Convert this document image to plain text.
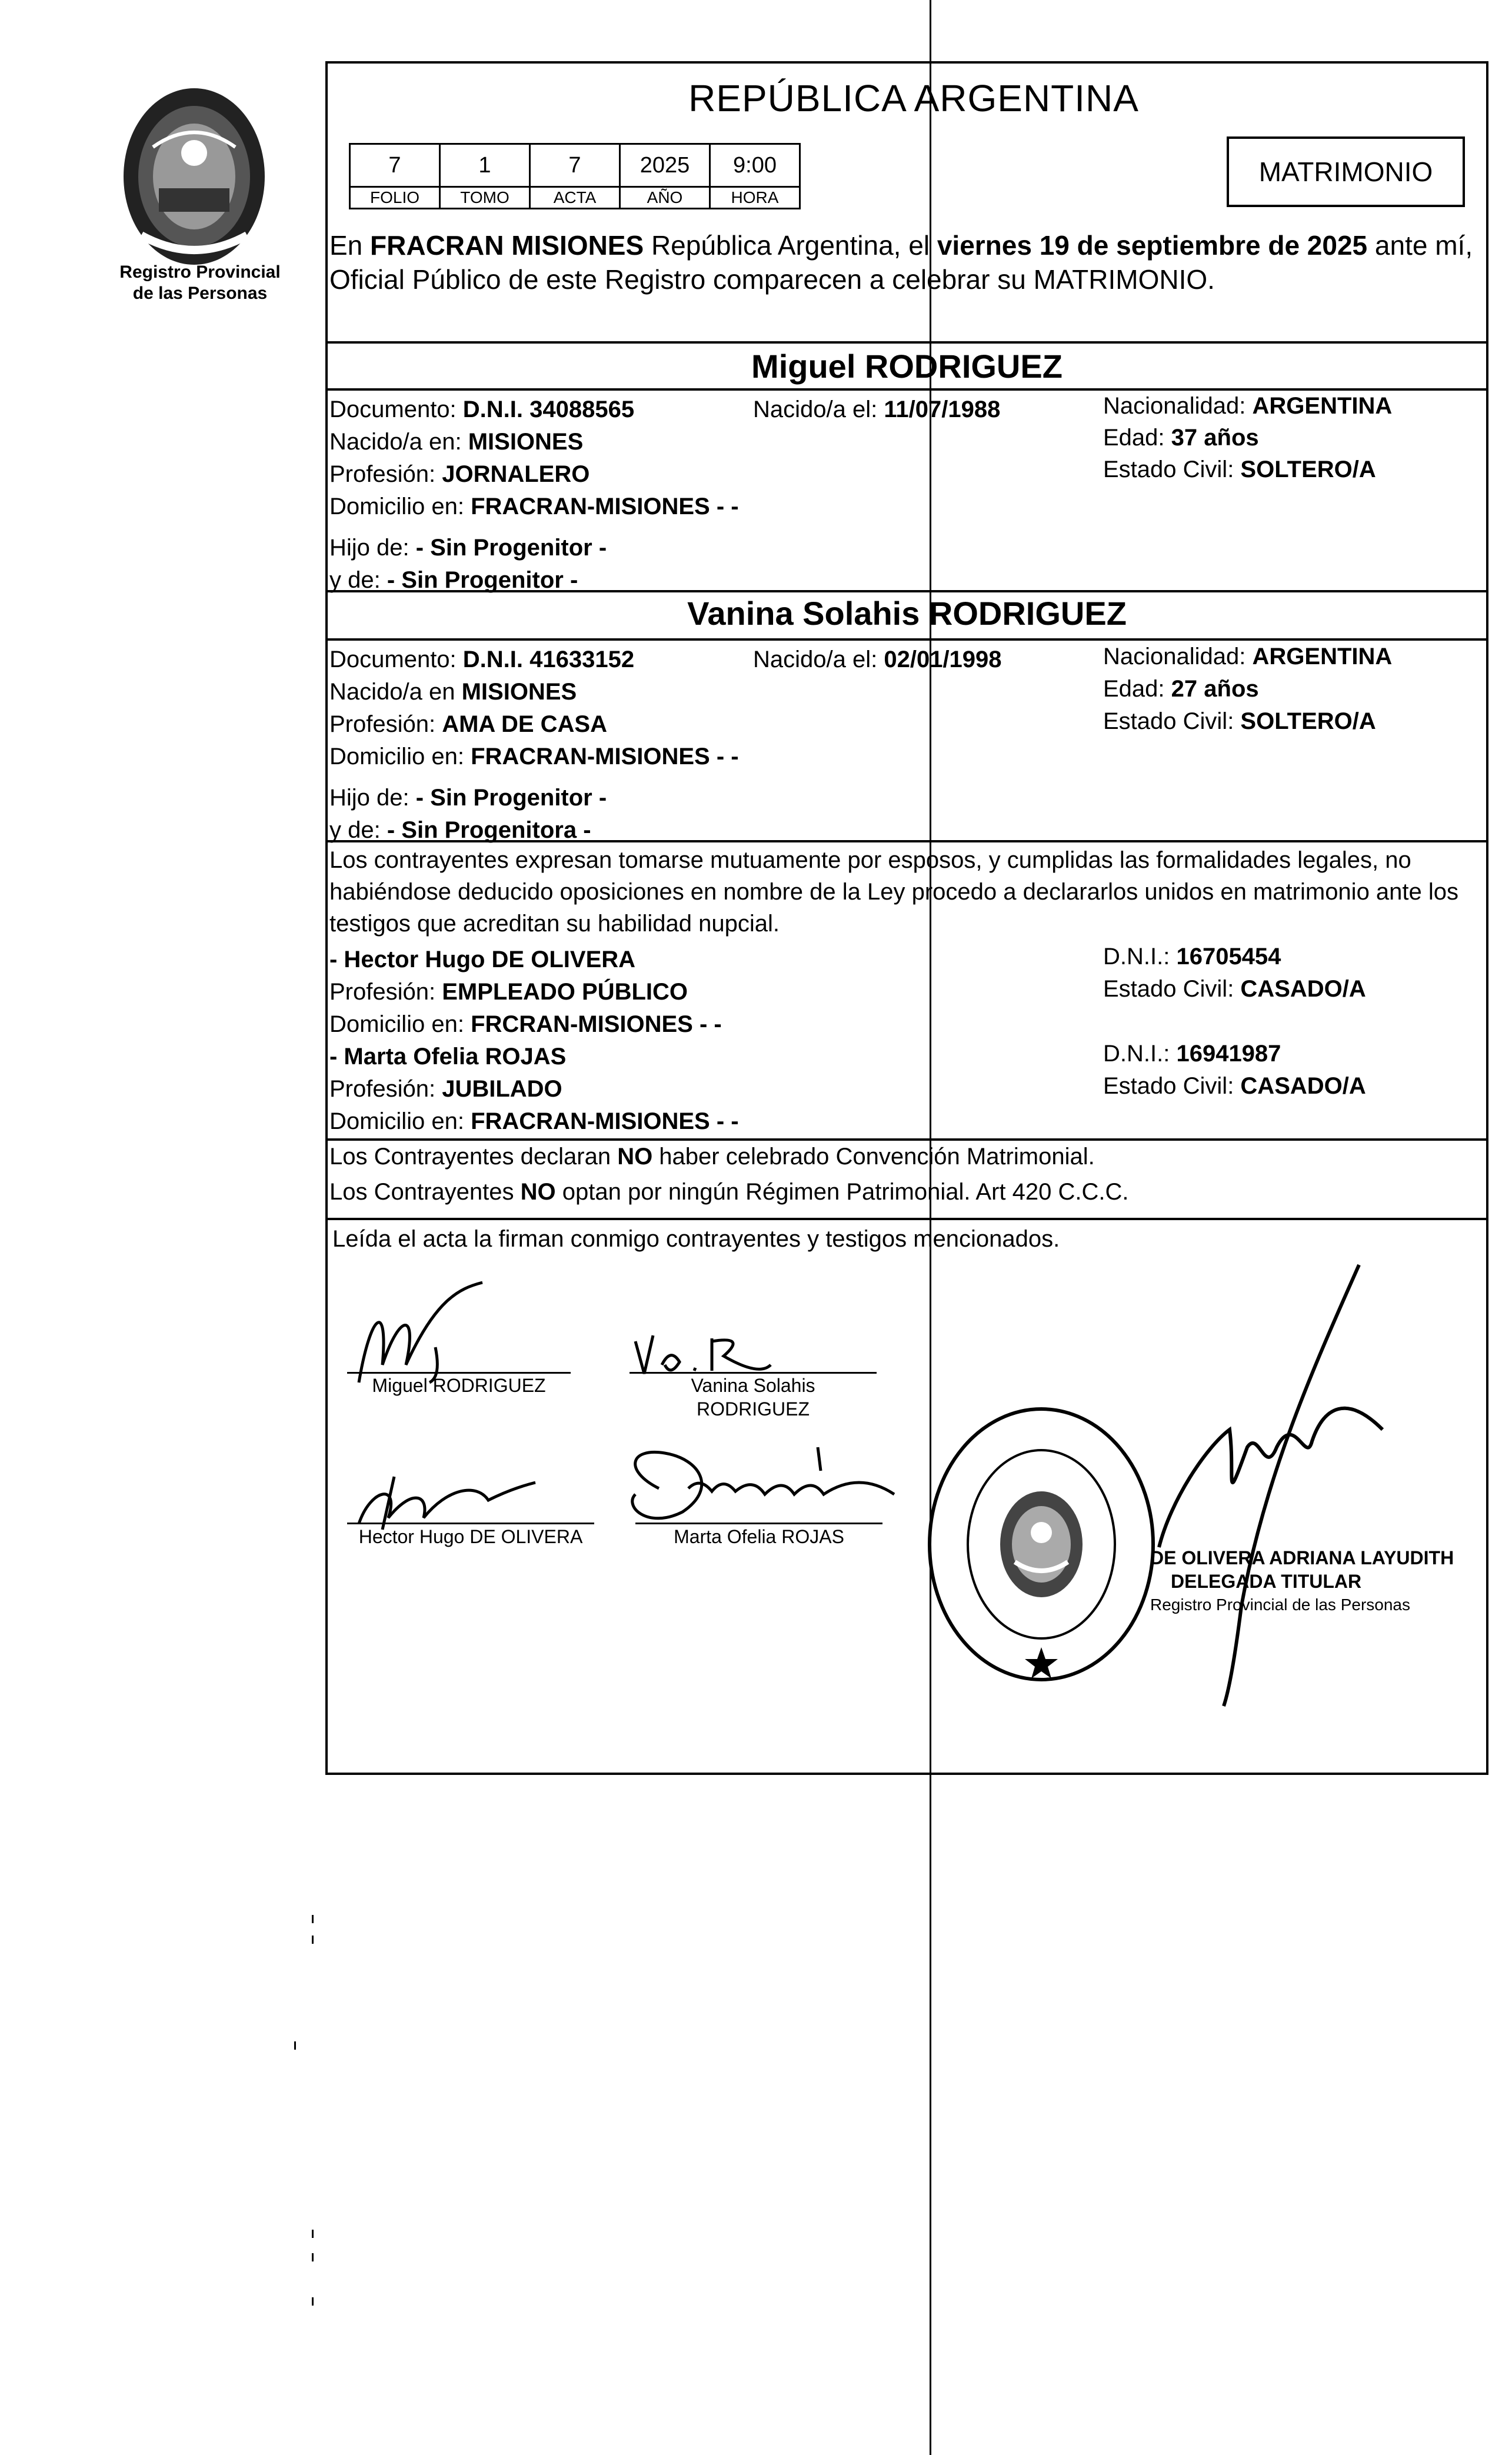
Registro Provincial
de las Personas
REPÚBLICA ARGENTINA
7	1	7	2025	9:00
FOLIO	TOMO	ACTA	AÑO	HORA
MATRIMONIO
En FRACRAN MISIONES República Argentina, el viernes 19 de septiembre de 2025 ante mí, Oficial Público de este Registro comparecen a celebrar su MATRIMONIO.
Miguel RODRIGUEZ
Documento: D.N.I. 34088565	Nacido/a el: 11/07/1988	Nacionalidad: ARGENTINA
Nacido/a en: MISIONES	Edad: 37 años
Profesión: JORNALERO	Estado Civil: SOLTERO/A
Domicilio en: FRACRAN-MISIONES - -
Hijo de: - Sin Progenitor -
y de: - Sin Progenitor -
Vanina Solahis RODRIGUEZ
Documento: D.N.I. 41633152	Nacido/a el: 02/01/1998	Nacionalidad: ARGENTINA
Nacido/a en MISIONES	Edad: 27 años
Profesión: AMA DE CASA	Estado Civil: SOLTERO/A
Domicilio en: FRACRAN-MISIONES - -
Hijo de: - Sin Progenitor -
y de: - Sin Progenitora -
Los contrayentes expresan tomarse mutuamente por esposos, y cumplidas las formalidades legales, no habiéndose deducido oposiciones en nombre de la Ley procedo a declararlos unidos en matrimonio ante los testigos que acreditan su habilidad nupcial.
- Hector Hugo DE OLIVERA	D.N.I.: 16705454
Profesión: EMPLEADO PÚBLICO	Estado Civil: CASADO/A
Domicilio en: FRCRAN-MISIONES - -
- Marta Ofelia ROJAS	D.N.I.: 16941987
Profesión: JUBILADO	Estado Civil: CASADO/A
Domicilio en: FRACRAN-MISIONES - -
Los Contrayentes declaran NO haber celebrado Convención Matrimonial.
Los Contrayentes NO optan por ningún Régimen Patrimonial. Art 420 C.C.C.
Leída el acta la firman conmigo contrayentes y testigos mencionados.
Miguel RODRIGUEZ	Vanina Solahis
RODRIGUEZ
Hector Hugo DE OLIVERA	Marta Ofelia ROJAS
DE OLIVERA ADRIANA LAYUDITH
DELEGADA TITULAR
Registro Provincial de las Personas
